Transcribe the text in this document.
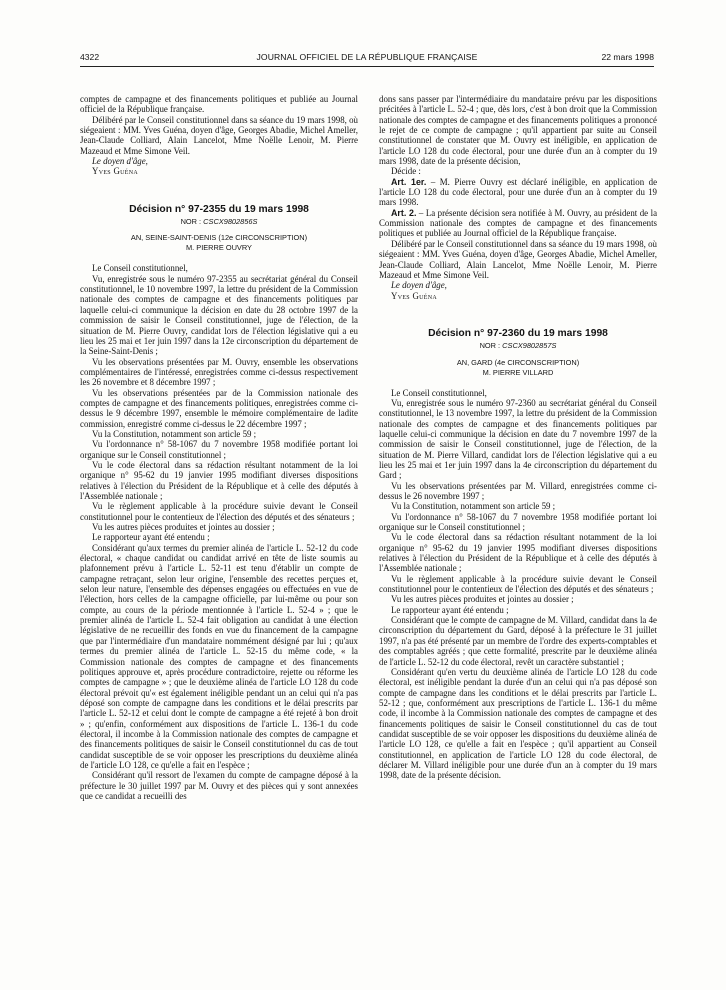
4322	JOURNAL OFFICIEL DE LA RÉPUBLIQUE FRANÇAISE	22 mars 1998

comptes de campagne et des financements politiques et publiée au Journal officiel de la République française.

Délibéré par le Conseil constitutionnel dans sa séance du 19 mars 1998, où siégeaient : MM. Yves Guéna, doyen d'âge, Georges Abadie, Michel Ameller, Jean-Claude Colliard, Alain Lancelot, Mme Noëlle Lenoir, M. Pierre Mazeaud et Mme Simone Veil.

Le doyen d'âge,

Yves Guéna

Décision n° 97-2355 du 19 mars 1998
NOR : CSCX9802856S
AN, SEINE-SAINT-DENIS (12e CIRCONSCRIPTION)
M. PIERRE OUVRY

Le Conseil constitutionnel,

Vu, enregistrée sous le numéro 97-2355 au secrétariat général du Conseil constitutionnel, le 10 novembre 1997, la lettre du président de la Commission nationale des comptes de campagne et des financements politiques par laquelle celui-ci communique la décision en date du 28 octobre 1997 de la commission de saisir le Conseil constitutionnel, juge de l'élection, de la situation de M. Pierre Ouvry, candidat lors de l'élection législative qui a eu lieu les 25 mai et 1er juin 1997 dans la 12e circonscription du département de la Seine-Saint-Denis ;

Vu les observations présentées par M. Ouvry, ensemble les observations complémentaires de l'intéressé, enregistrées comme ci-dessus respectivement les 26 novembre et 8 décembre 1997 ;

Vu les observations présentées par de la Commission nationale des comptes de campagne et des financements politiques, enregistrées comme ci-dessus le 9 décembre 1997, ensemble le mémoire complémentaire de ladite commission, enregistré comme ci-dessus le 22 décembre 1997 ;

Vu la Constitution, notamment son article 59 ;

Vu l'ordonnance n° 58-1067 du 7 novembre 1958 modifiée portant loi organique sur le Conseil constitutionnel ;

Vu le code électoral dans sa rédaction résultant notamment de la loi organique n° 95-62 du 19 janvier 1995 modifiant diverses dispositions relatives à l'élection du Président de la République et à celle des députés à l'Assemblée nationale ;

Vu le règlement applicable à la procédure suivie devant le Conseil constitutionnel pour le contentieux de l'élection des députés et des sénateurs ;

Vu les autres pièces produites et jointes au dossier ;

Le rapporteur ayant été entendu ;

Considérant qu'aux termes du premier alinéa de l'article L. 52-12 du code électoral, « chaque candidat ou candidat arrivé en tête de liste soumis au plafonnement prévu à l'article L. 52-11 est tenu d'établir un compte de campagne retraçant, selon leur origine, l'ensemble des recettes perçues et, selon leur nature, l'ensemble des dépenses engagées ou effectuées en vue de l'élection, hors celles de la campagne officielle, par lui-même ou pour son compte, au cours de la période mentionnée à l'article L. 52-4 » ; que le premier alinéa de l'article L. 52-4 fait obligation au candidat à une élection législative de ne recueillir des fonds en vue du financement de la campagne que par l'intermédiaire d'un mandataire nommément désigné par lui ; qu'aux termes du premier alinéa de l'article L. 52-15 du même code, « la Commission nationale des comptes de campagne et des financements politiques approuve et, après procédure contradictoire, rejette ou réforme les comptes de campagne » ; que le deuxième alinéa de l'article LO 128 du code électoral prévoit qu'« est également inéligible pendant un an celui qui n'a pas déposé son compte de campagne dans les conditions et le délai prescrits par l'article L. 52-12 et celui dont le compte de campagne a été rejeté à bon droit » ; qu'enfin, conformément aux dispositions de l'article L. 136-1 du code électoral, il incombe à la Commission nationale des comptes de campagne et des financements politiques de saisir le Conseil constitutionnel du cas de tout candidat susceptible de se voir opposer les prescriptions du deuxième alinéa de l'article LO 128, ce qu'elle a fait en l'espèce ;

Considérant qu'il ressort de l'examen du compte de campagne déposé à la préfecture le 30 juillet 1997 par M. Ouvry et des pièces qui y sont annexées que ce candidat a recueilli des

dons sans passer par l'intermédiaire du mandataire prévu par les dispositions précitées à l'article L. 52-4 ; que, dès lors, c'est à bon droit que la Commission nationale des comptes de campagne et des financements politiques a prononcé le rejet de ce compte de campagne ; qu'il appartient par suite au Conseil constitutionnel de constater que M. Ouvry est inéligible, en application de l'article LO 128 du code électoral, pour une durée d'un an à compter du 19 mars 1998, date de la présente décision,

Décide :

Art. 1er. – M. Pierre Ouvry est déclaré inéligible, en application de l'article LO 128 du code électoral, pour une durée d'un an à compter du 19 mars 1998.

Art. 2. – La présente décision sera notifiée à M. Ouvry, au président de la Commission nationale des comptes de campagne et des financements politiques et publiée au Journal officiel de la République française.

Délibéré par le Conseil constitutionnel dans sa séance du 19 mars 1998, où siégeaient : MM. Yves Guéna, doyen d'âge, Georges Abadie, Michel Ameller, Jean-Claude Colliard, Alain Lancelot, Mme Noëlle Lenoir, M. Pierre Mazeaud et Mme Simone Veil.

Le doyen d'âge,

Yves Guéna

Décision n° 97-2360 du 19 mars 1998
NOR : CSCX9802857S
AN, GARD (4e CIRCONSCRIPTION)
M. PIERRE VILLARD

Le Conseil constitutionnel,

Vu, enregistrée sous le numéro 97-2360 au secrétariat général du Conseil constitutionnel, le 13 novembre 1997, la lettre du président de la Commission nationale des comptes de campagne et des financements politiques par laquelle celui-ci communique la décision en date du 7 novembre 1997 de la commission de saisir le Conseil constitutionnel, juge de l'élection, de la situation de M. Pierre Villard, candidat lors de l'élection législative qui a eu lieu les 25 mai et 1er juin 1997 dans la 4e circonscription du département du Gard ;

Vu les observations présentées par M. Villard, enregistrées comme ci-dessus le 26 novembre 1997 ;

Vu la Constitution, notamment son article 59 ;

Vu l'ordonnance n° 58-1067 du 7 novembre 1958 modifiée portant loi organique sur le Conseil constitutionnel ;

Vu le code électoral dans sa rédaction résultant notamment de la loi organique n° 95-62 du 19 janvier 1995 modifiant diverses dispositions relatives à l'élection du Président de la République et à celle des députés à l'Assemblée nationale ;

Vu le règlement applicable à la procédure suivie devant le Conseil constitutionnel pour le contentieux de l'élection des députés et des sénateurs ;

Vu les autres pièces produites et jointes au dossier ;

Le rapporteur ayant été entendu ;

Considérant que le compte de campagne de M. Villard, candidat dans la 4e circonscription du département du Gard, déposé à la préfecture le 31 juillet 1997, n'a pas été présenté par un membre de l'ordre des experts-comptables et des comptables agréés ; que cette formalité, prescrite par le deuxième alinéa de l'article L. 52-12 du code électoral, revêt un caractère substantiel ;

Considérant qu'en vertu du deuxième alinéa de l'article LO 128 du code électoral, est inéligible pendant la durée d'un an celui qui n'a pas déposé son compte de campagne dans les conditions et le délai prescrits par l'article L. 52-12 ; que, conformément aux prescriptions de l'article L. 136-1 du même code, il incombe à la Commission nationale des comptes de campagne et des financements politiques de saisir le Conseil constitutionnel du cas de tout candidat susceptible de se voir opposer les dispositions du deuxième alinéa de l'article LO 128, ce qu'elle a fait en l'espèce ; qu'il appartient au Conseil constitutionnel, en application de l'article LO 128 du code électoral, de déclarer M. Villard inéligible pour une durée d'un an à compter du 19 mars 1998, date de la présente décision.
